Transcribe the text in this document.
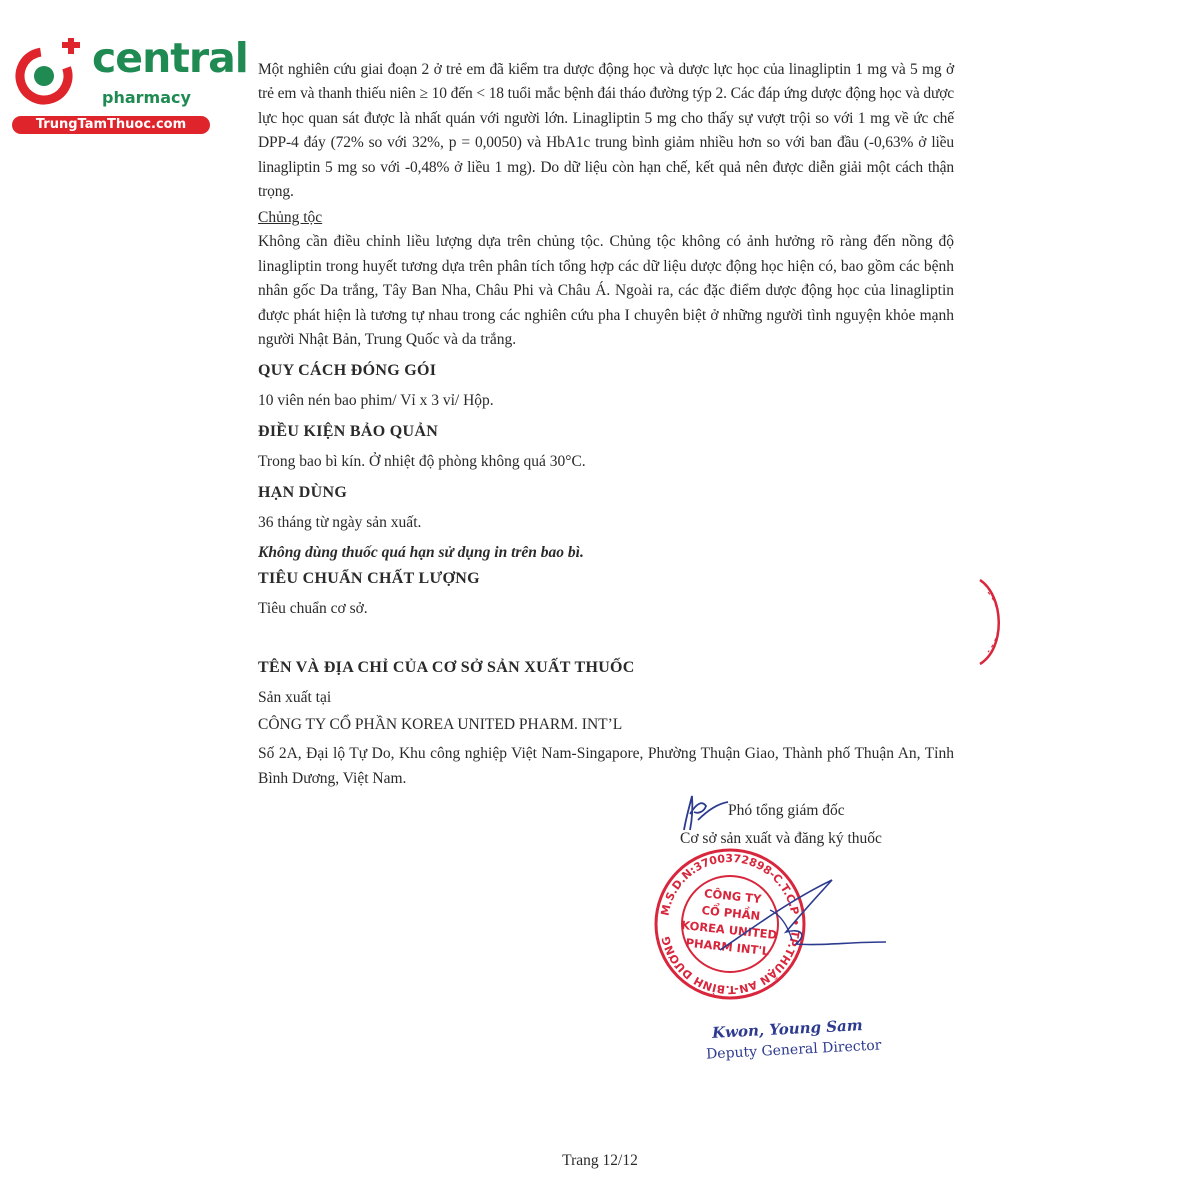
central
pharmacy
TrungTamThuoc.com

Một nghiên cứu giai đoạn 2 ở trẻ em đã kiểm tra dược động học và dược lực học của linagliptin 1 mg và 5 mg ở trẻ em và thanh thiếu niên ≥ 10 đến < 18 tuổi mắc bệnh đái tháo đường týp 2. Các đáp ứng dược động học và dược lực học quan sát được là nhất quán với người lớn. Linagliptin 5 mg cho thấy sự vượt trội so với 1 mg về ức chế DPP-4 đáy (72% so với 32%, p = 0,0050) và HbA1c trung bình giảm nhiều hơn so với ban đầu (-0,63% ở liều linagliptin 5 mg so với -0,48% ở liều 1 mg). Do dữ liệu còn hạn chế, kết quả nên được diễn giải một cách thận trọng.

Chủng tộc

Không cần điều chỉnh liều lượng dựa trên chủng tộc. Chủng tộc không có ảnh hưởng rõ ràng đến nồng độ linagliptin trong huyết tương dựa trên phân tích tổng hợp các dữ liệu dược động học hiện có, bao gồm các bệnh nhân gốc Da trắng, Tây Ban Nha, Châu Phi và Châu Á. Ngoài ra, các đặc điểm dược động học của linagliptin được phát hiện là tương tự nhau trong các nghiên cứu pha I chuyên biệt ở những người tình nguyện khỏe mạnh người Nhật Bản, Trung Quốc và da trắng.

QUY CÁCH ĐÓNG GÓI

10 viên nén bao phim/ Vỉ x 3 vỉ/ Hộp.

ĐIỀU KIỆN BẢO QUẢN

Trong bao bì kín. Ở nhiệt độ phòng không quá 30°C.

HẠN DÙNG

36 tháng từ ngày sản xuất.

Không dùng thuốc quá hạn sử dụng in trên bao bì.

TIÊU CHUẨN CHẤT LƯỢNG

Tiêu chuẩn cơ sở.

TÊN VÀ ĐỊA CHỈ CỦA CƠ SỞ SẢN XUẤT THUỐC

Sản xuất tại

CÔNG TY CỔ PHẦN KOREA UNITED PHARM. INT’L

Số 2A, Đại lộ Tự Do, Khu công nghiệp Việt Nam-Singapore, Phường Thuận Giao, Thành phố Thuận An, Tỉnh Bình Dương, Việt Nam.

Phó tổng giám đốc
Cơ sở sản xuất và đăng ký thuốc
M.S.D.N:3700372898-C.T.C.P • TP.THUẬN AN-T.BÌNH DƯƠNG
CÔNG TY
CỔ PHẦN
KOREA UNITED
PHARM INT'L
Kwon, Young Sam
Deputy General Director
Trang 12/12
